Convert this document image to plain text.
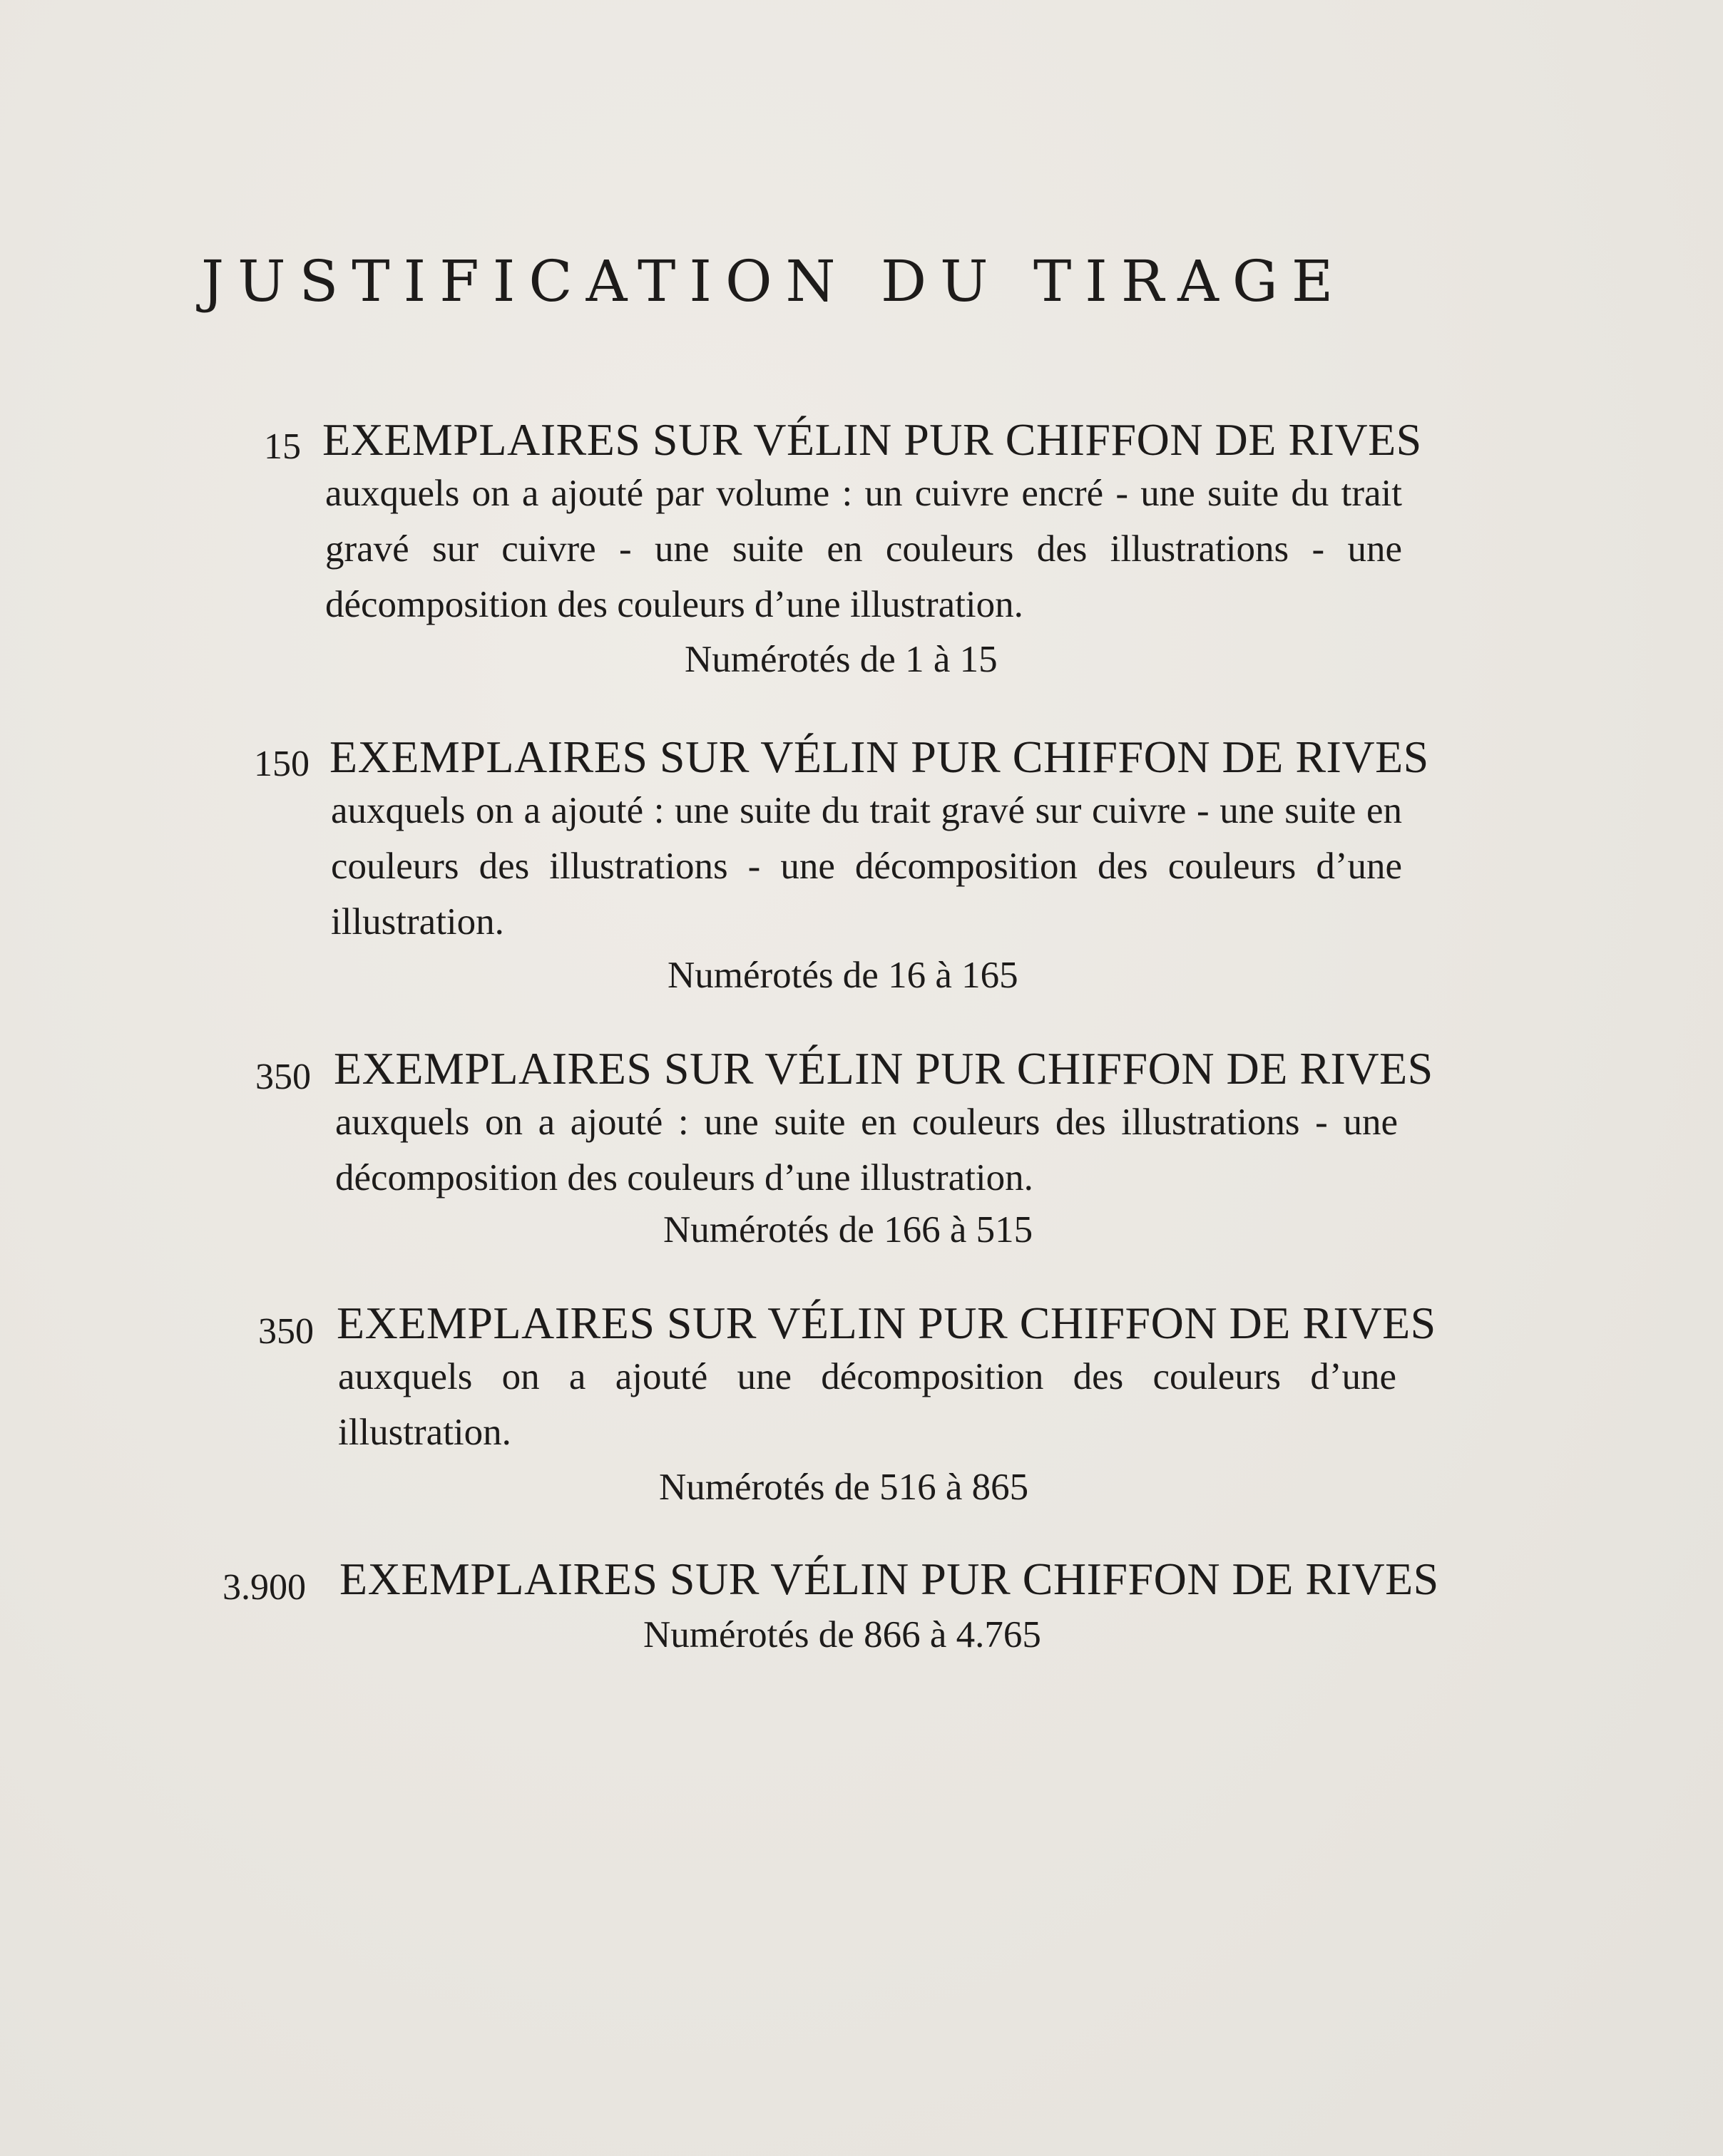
JUSTIFICATION DU TIRAGE
15 EXEMPLAIRES SUR VÉLIN PUR CHIFFON DE RIVES
auxquels on a ajouté par volume : un cuivre encré - une suite du trait gravé sur cuivre - une suite en couleurs des illustrations - une décomposition des couleurs d’une illustration.
Numérotés de 1 à 15
150 EXEMPLAIRES SUR VÉLIN PUR CHIFFON DE RIVES
auxquels on a ajouté : une suite du trait gravé sur cuivre - une suite en couleurs des illustrations - une décomposition des couleurs d’une illustration.
Numérotés de 16 à 165
350 EXEMPLAIRES SUR VÉLIN PUR CHIFFON DE RIVES
auxquels on a ajouté : une suite en couleurs des illustrations - une décomposition des couleurs d’une illustration.
Numérotés de 166 à 515
350 EXEMPLAIRES SUR VÉLIN PUR CHIFFON DE RIVES
auxquels on a ajouté une décomposition des couleurs d’une illustration.
Numérotés de 516 à 865
3.900 EXEMPLAIRES SUR VÉLIN PUR CHIFFON DE RIVES
Numérotés de 866 à 4.765
